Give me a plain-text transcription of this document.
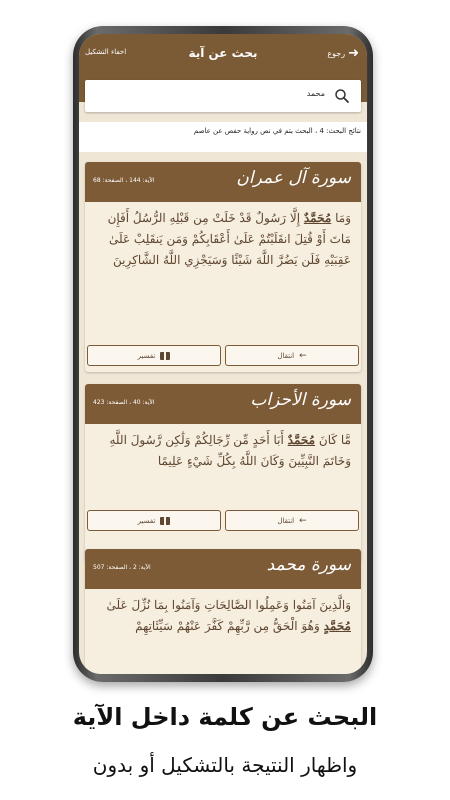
اخفاء التشكيل	بحث عن آية	رجوع ➜
محمد
نتائج البحث: 4 ، البحث يتم في نص رواية حفص عن عاصم
سورة آل عمران
الآية: 144 ، الصفحة: 68
وَمَا مُحَمَّدٌ إِلَّا رَسُولٌ قَدْ خَلَتْ مِن قَبْلِهِ الرُّسُلُ أَفَإِن مَاتَ أَوْ قُتِلَ انقَلَبْتُمْ عَلَىٰ أَعْقَابِكُمْ وَمَن يَنقَلِبْ عَلَىٰ عَقِبَيْهِ فَلَن يَضُرَّ اللَّهَ شَيْئًا وَسَيَجْزِي اللَّهُ الشَّاكِرِينَ
انتقال ←
تفسير
سورة الأحزاب
الآية: 40 ، الصفحة: 423
مَّا كَانَ مُحَمَّدٌ أَبَا أَحَدٍ مِّن رِّجَالِكُمْ وَلَٰكِن رَّسُولَ اللَّهِ وَخَاتَمَ النَّبِيِّينَ وَكَانَ اللَّهُ بِكُلِّ شَيْءٍ عَلِيمًا
انتقال ←
تفسير
سورة محمد
الآية: 2 ، الصفحة: 507
وَالَّذِينَ آمَنُوا وَعَمِلُوا الصَّالِحَاتِ وَآمَنُوا بِمَا نُزِّلَ عَلَىٰ مُحَمَّدٍ وَهُوَ الْحَقُّ مِن رَّبِّهِمْ كَفَّرَ عَنْهُمْ سَيِّئَاتِهِمْ
البحث عن كلمة داخل الآية
واظهار النتيجة بالتشكيل أو بدون
